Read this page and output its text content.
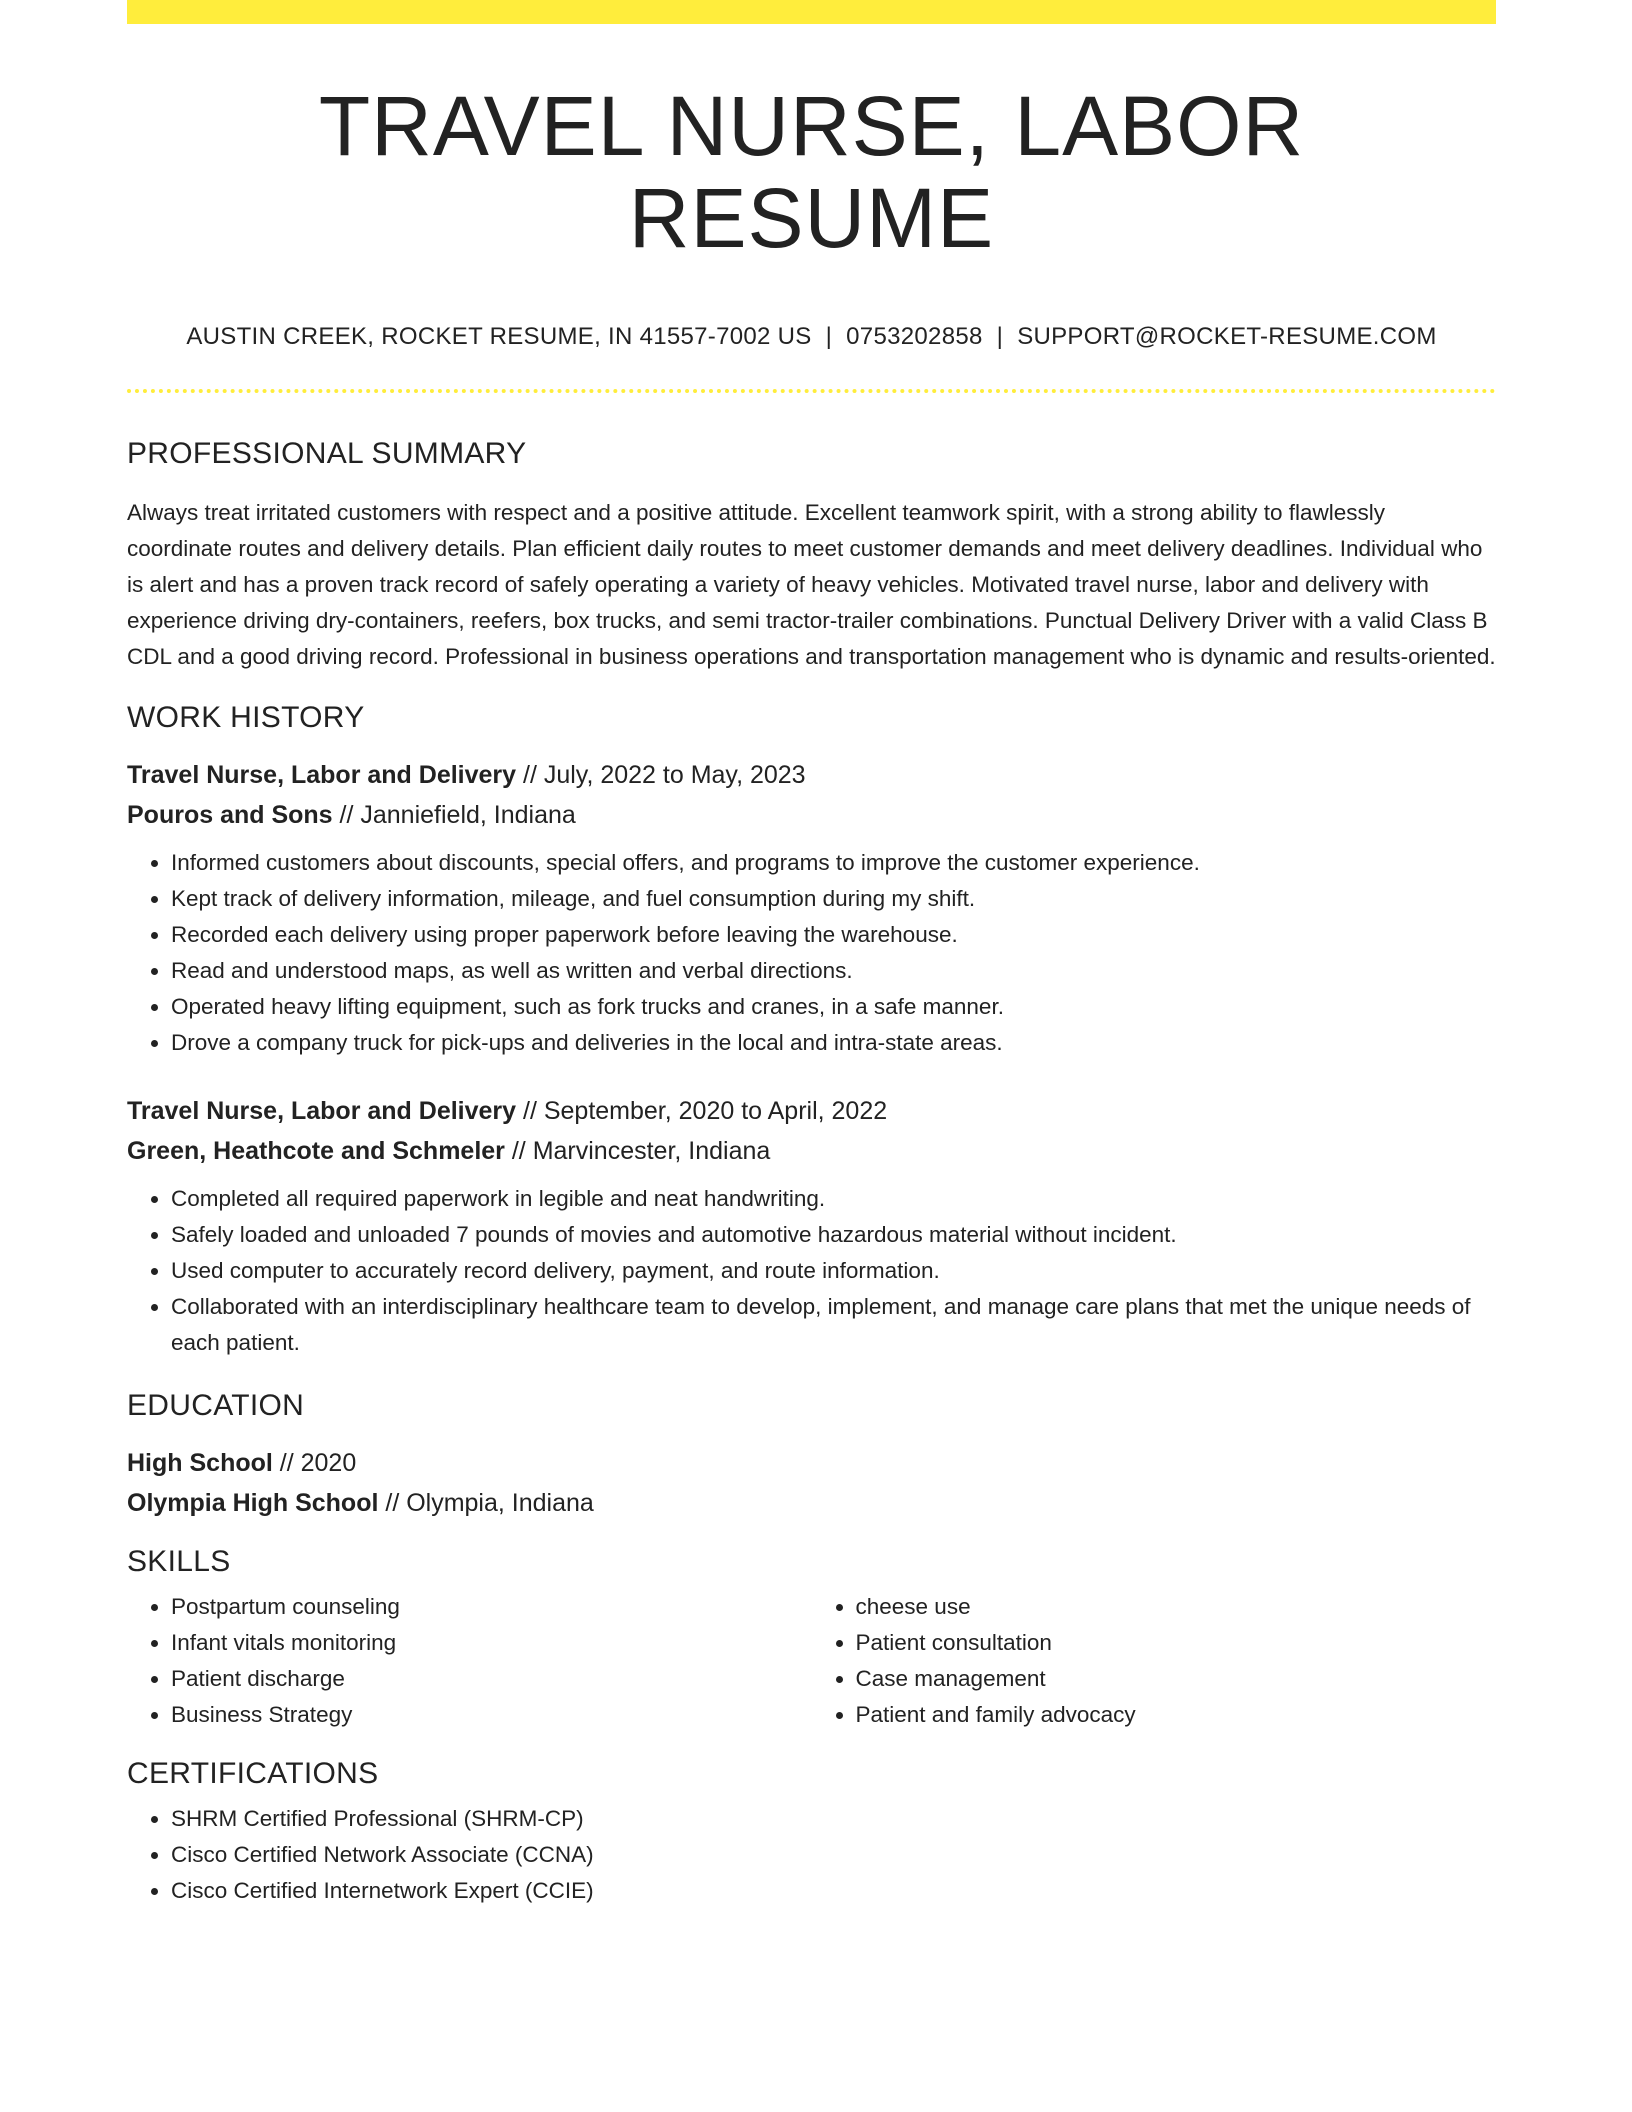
TRAVEL NURSE, LABOR RESUME
AUSTIN CREEK, ROCKET RESUME, IN 41557-7002 US | 0753202858 | SUPPORT@ROCKET-RESUME.COM
PROFESSIONAL SUMMARY

Always treat irritated customers with respect and a positive attitude. Excellent teamwork spirit, with a strong ability to flawlessly coordinate routes and delivery details. Plan efficient daily routes to meet customer demands and meet delivery deadlines. Individual who is alert and has a proven track record of safely operating a variety of heavy vehicles. Motivated travel nurse, labor and delivery with experience driving dry-containers, reefers, box trucks, and semi tractor-trailer combinations. Punctual Delivery Driver with a valid Class B CDL and a good driving record. Professional in business operations and transportation management who is dynamic and results-oriented.

WORK HISTORY
Travel Nurse, Labor and Delivery // July, 2022 to May, 2023
Pouros and Sons // Janniefield, Indiana
• Informed customers about discounts, special offers, and programs to improve the customer experience.
• Kept track of delivery information, mileage, and fuel consumption during my shift.
• Recorded each delivery using proper paperwork before leaving the warehouse.
• Read and understood maps, as well as written and verbal directions.
• Operated heavy lifting equipment, such as fork trucks and cranes, in a safe manner.
• Drove a company truck for pick-ups and deliveries in the local and intra-state areas.
Travel Nurse, Labor and Delivery // September, 2020 to April, 2022
Green, Heathcote and Schmeler // Marvincester, Indiana
• Completed all required paperwork in legible and neat handwriting.
• Safely loaded and unloaded 7 pounds of movies and automotive hazardous material without incident.
• Used computer to accurately record delivery, payment, and route information.
• Collaborated with an interdisciplinary healthcare team to develop, implement, and manage care plans that met the unique needs of each patient.
EDUCATION
High School // 2020
Olympia High School // Olympia, Indiana
SKILLS
• Postpartum counseling
• Infant vitals monitoring
• Patient discharge
• Business Strategy
• cheese use
• Patient consultation
• Case management
• Patient and family advocacy
CERTIFICATIONS
• SHRM Certified Professional (SHRM-CP)
• Cisco Certified Network Associate (CCNA)
• Cisco Certified Internetwork Expert (CCIE)
